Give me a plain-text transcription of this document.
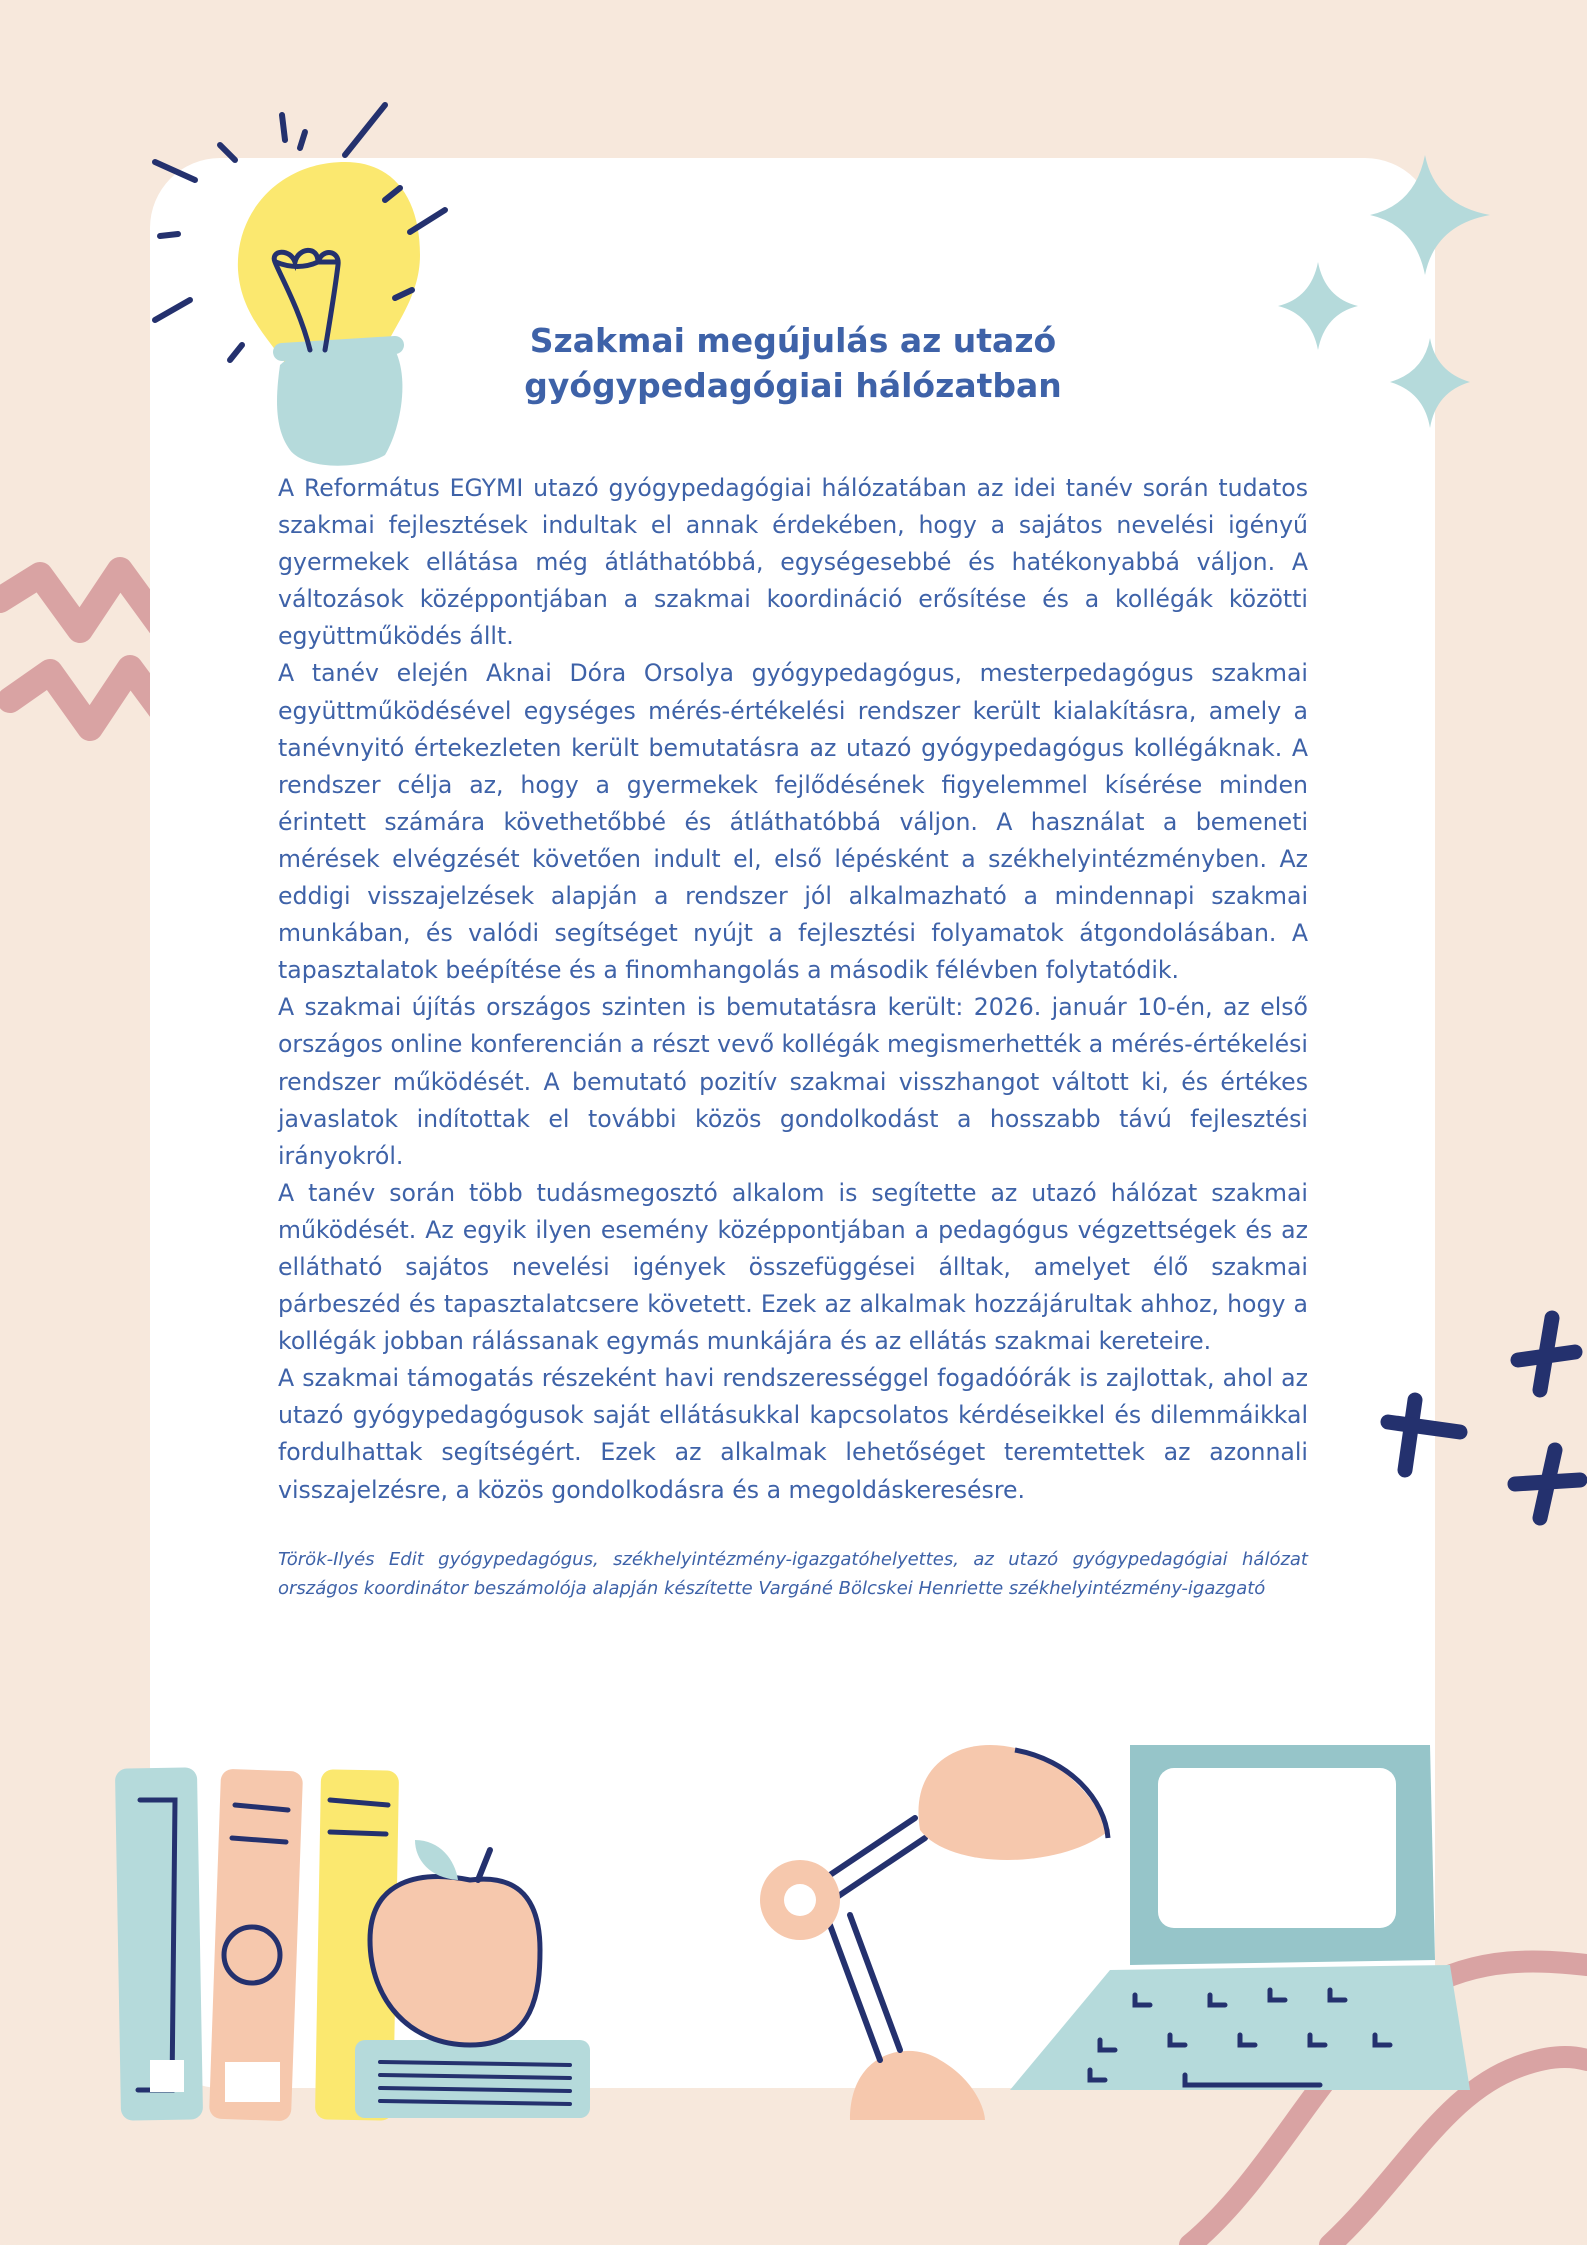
Szakmai megújulás az utazó
gyógypedagógiai hálózatban

A Református EGYMI utazó gyógypedagógiai hálózatában az idei tanév során tudatos szakmai fejlesztések indultak el annak érdekében, hogy a sajátos nevelési igényű gyermekek ellátása még átláthatóbbá, egységesebbé és hatékonyabbá váljon. A változások középpontjában a szakmai koordináció erősítése és a kollégák közötti együttműködés állt.

A tanév elején Aknai Dóra Orsolya gyógypedagógus, mesterpedagógus szakmai együttműködésével egységes mérés-értékelési rendszer került kialakításra, amely a tanévnyitó értekezleten került bemutatásra az utazó gyógypedagógus kollégáknak. A rendszer célja az, hogy a gyermekek fejlődésének figyelemmel kísérése minden érintett számára követhetőbbé és átláthatóbbá váljon. A használat a bemeneti mérések elvégzését követően indult el, első lépésként a székhelyintézményben. Az eddigi visszajelzések alapján a rendszer jól alkalmazható a mindennapi szakmai munkában, és valódi segítséget nyújt a fejlesztési folyamatok átgondolásában. A tapasztalatok beépítése és a finomhangolás a második félévben folytatódik.

A szakmai újítás országos szinten is bemutatásra került: 2026. január 10-én, az első országos online konferencián a részt vevő kollégák megismerhették a mérés-értékelési rendszer működését. A bemutató pozitív szakmai visszhangot váltott ki, és értékes javaslatok indítottak el további közös gondolkodást a hosszabb távú fejlesztési irányokról.

A tanév során több tudásmegosztó alkalom is segítette az utazó hálózat szakmai működését. Az egyik ilyen esemény középpontjában a pedagógus végzettségek és az ellátható sajátos nevelési igények összefüggései álltak, amelyet élő szakmai párbeszéd és tapasztalatcsere követett. Ezek az alkalmak hozzájárultak ahhoz, hogy a kollégák jobban rálássanak egymás munkájára és az ellátás szakmai kereteire.

A szakmai támogatás részeként havi rendszerességgel fogadóórák is zajlottak, ahol az utazó gyógypedagógusok saját ellátásukkal kapcsolatos kérdéseikkel és dilemmáikkal fordulhattak segítségért. Ezek az alkalmak lehetőséget teremtettek az azonnali visszajelzésre, a közös gondolkodásra és a megoldáskeresésre.

Török-Ilyés Edit gyógypedagógus, székhelyintézmény-igazgatóhelyettes, az utazó gyógypedagógiai hálózat országos koordinátor beszámolója alapján készítette Vargáné Bölcskei Henriette székhelyintézmény-igazgató
